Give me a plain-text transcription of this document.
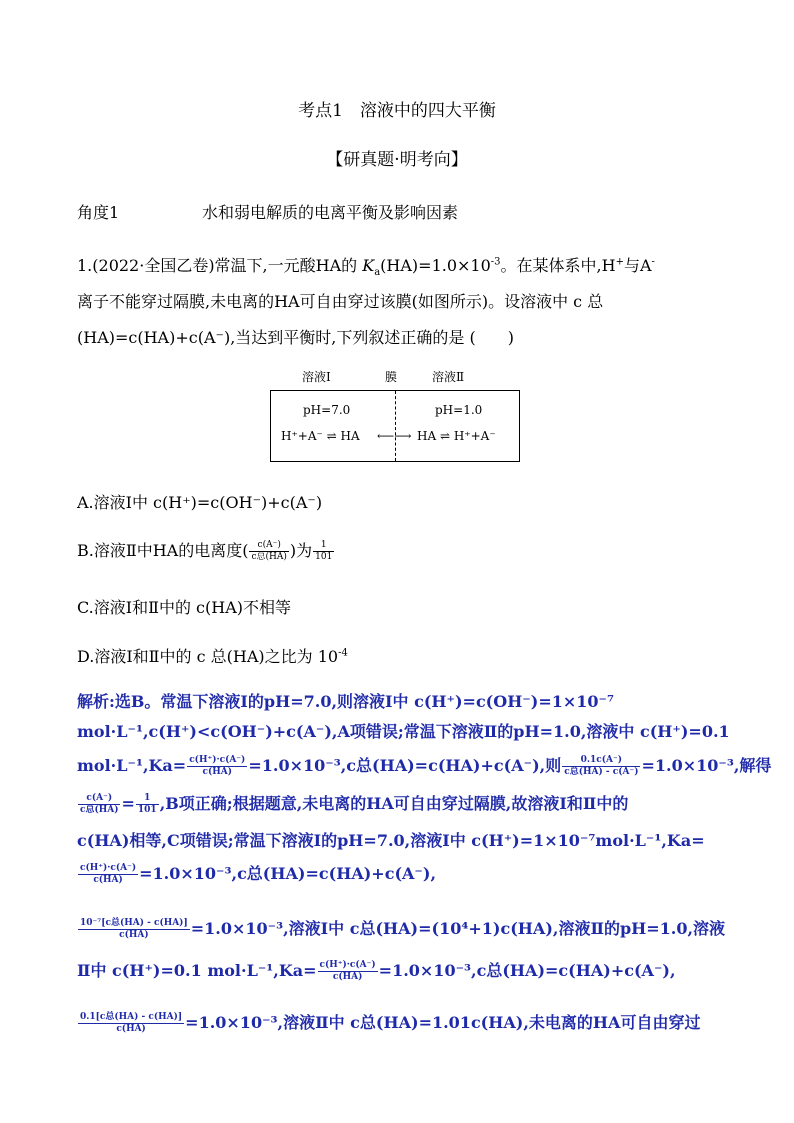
考点1　溶液中的四大平衡
【研真题·明考向】
角度1	水和弱电解质的电离平衡及影响因素
1.(2022·全国乙卷)常温下,一元酸HA的 $K_a(HA)=1.0\times 10^{-3}$。在某体系中,H+与A-
离子不能穿过隔膜,未电离的HA可自由穿过该膜(如图所示)。设溶液中 c 总
(HA)=c(HA)+c(A⁻),当达到平衡时,下列叙述正确的是 (　　)
溶液Ⅰ	膜	溶液Ⅱ
pH=7.0	pH=1.0
H⁺+A⁻ ⇌ HA ⟵⟶ HA ⇌ H⁺+A⁻
A.溶液Ⅰ中 c(H⁺)=c(OH⁻)+c(A⁻)
B.溶液Ⅱ中HA的电离度( $\frac{c(A^-)}{\text{c总(HA)}}$ )为 $\frac{1}{101}$
C.溶液Ⅰ和Ⅱ中的 c(HA)不相等
D.溶液Ⅰ和Ⅱ中的 c 总(HA)之比为 $10^{-4}$
解析:选B。常温下溶液Ⅰ的pH=7.0,则溶液Ⅰ中 c(H⁺)=c(OH⁻)=1×10⁻⁷
mol·L⁻¹,c(H⁺)<c(OH⁻)+c(A⁻),A项错误;常温下溶液Ⅱ的pH=1.0,溶液中 c(H⁺)=0.1
$mol\cdot L^{-1},Ka= \frac{c(H^+)\cdot c(A^-)}{c(HA)} =1.0\times 10^{-3},c$总(HA)=c(HA)+c(A⁻),则 $\frac{0.1c(A^-)}{\text{c总(HA) - c(A⁻)}} =1.0\times 10^{-3}$,解得
$\frac{c(A^-)}{\text{c总(HA)}} = \frac{1}{101} ,B$项正确;根据题意,未电离的HA可自由穿过隔膜,故溶液Ⅰ和Ⅱ中的
c(HA)相等,C项错误;常温下溶液Ⅰ的pH=7.0,溶液Ⅰ中 c(H⁺)=1×10⁻⁷mol·L⁻¹,Ka=
$\frac{c(H^+)\cdot c(A^-)}{c(HA)} =1.0\times 10^{-3},c$总(HA)=c(HA)+c(A⁻),
$\frac{\text{10⁻⁷[c总(HA) - c(HA)]}}{c(HA)} =1.0\times 10^{-3}$,溶液Ⅰ中 c总(HA)=(10⁴+1)c(HA),溶液Ⅱ的pH=1.0,溶液
Ⅱ中 c(H⁺)=0.1 $mol\cdot L^{-1},Ka= \frac{c(H^+)\cdot c(A^-)}{c(HA)} =1.0\times 10^{-3},c$总(HA)=c(HA)+c(A⁻),
$\frac{\text{0.1[c总(HA) - c(HA)]}}{c(HA)} =1.0\times 10^{-3}$,溶液Ⅱ中 c总(HA)=1.01c(HA),未电离的HA可自由穿过
